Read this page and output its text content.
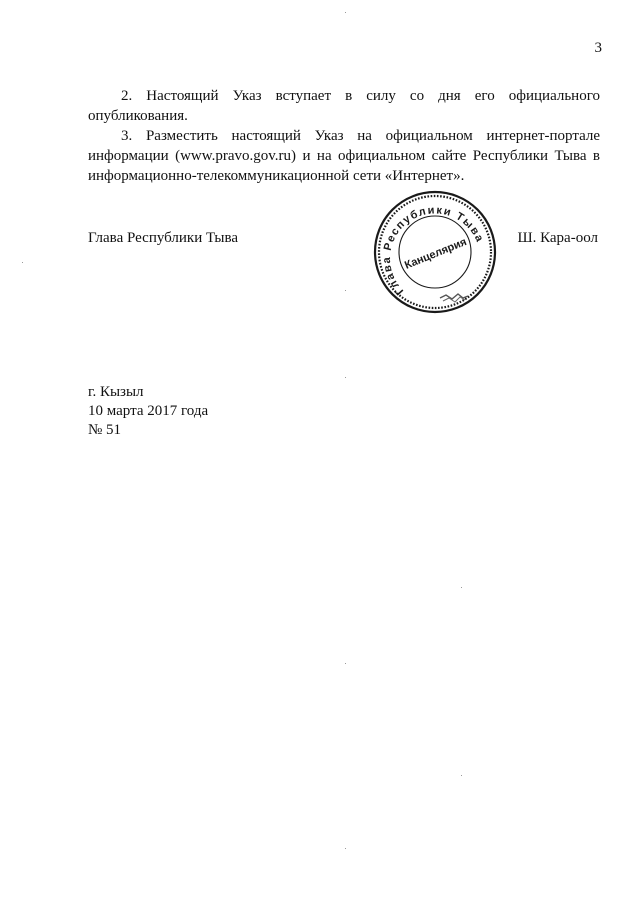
3

2. Настоящий Указ вступает в силу со дня его официального опубликования.

3. Разместить настоящий Указ на официальном интернет-портале информации (www.pravo.gov.ru) и на официальном сайте Республики Тыва в информационно-телекоммуникационной сети «Интернет».

Глава Республики Тыва	Ш. Кара-оол
Глава Республики Тыва
Канцелярия
г. Кызыл
10 марта 2017 года
№ 51
